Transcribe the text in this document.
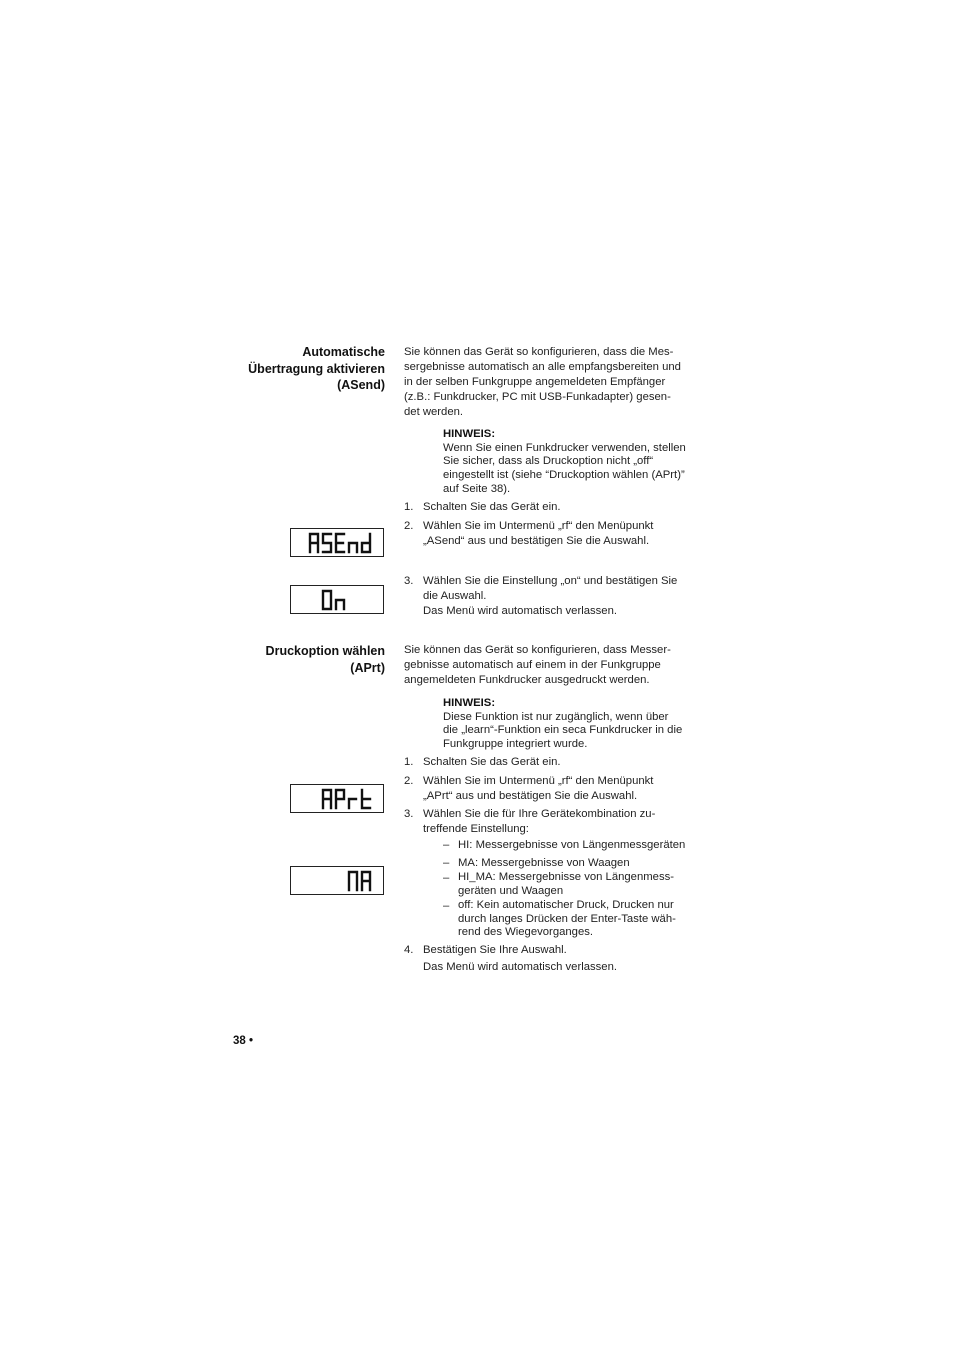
Automatische
Übertragung aktivieren
(ASend)
Sie können das Gerät so konfigurieren, dass die Mes-
sergebnisse automatisch an alle empfangsbereiten und
in der selben Funkgruppe angemeldeten Empfänger
(z.B.: Funkdrucker, PC mit USB-Funkadapter) gesen-
det werden.
HINWEIS:
Wenn Sie einen Funkdrucker verwenden, stellen
Sie sicher, dass als Druckoption nicht „off“
eingestellt ist (siehe “Druckoption wählen (APrt)”
auf Seite 38).
1. Schalten Sie das Gerät ein.
2. Wählen Sie im Untermenü „rf“ den Menüpunkt
„ASend“ aus und bestätigen Sie die Auswahl.
3. Wählen Sie die Einstellung „on“ und bestätigen Sie
die Auswahl.
Das Menü wird automatisch verlassen.
Druckoption wählen
(APrt)
Sie können das Gerät so konfigurieren, dass Messer-
gebnisse automatisch auf einem in der Funkgruppe
angemeldeten Funkdrucker ausgedruckt werden.
HINWEIS:
Diese Funktion ist nur zugänglich, wenn über
die „learn“-Funktion ein seca Funkdrucker in die
Funkgruppe integriert wurde.
1. Schalten Sie das Gerät ein.
2. Wählen Sie im Untermenü „rf“ den Menüpunkt
„APrt“ aus und bestätigen Sie die Auswahl.
3. Wählen Sie die für Ihre Gerätekombination zu-
treffende Einstellung:
– HI: Messergebnisse von Längenmessgeräten
– MA: Messergebnisse von Waagen
– HI_MA: Messergebnisse von Längenmess-
geräten und Waagen
– off: Kein automatischer Druck, Drucken nur
durch langes Drücken der Enter-Taste wäh-
rend des Wiegevorganges.
4. Bestätigen Sie Ihre Auswahl.
Das Menü wird automatisch verlassen.
38 •
